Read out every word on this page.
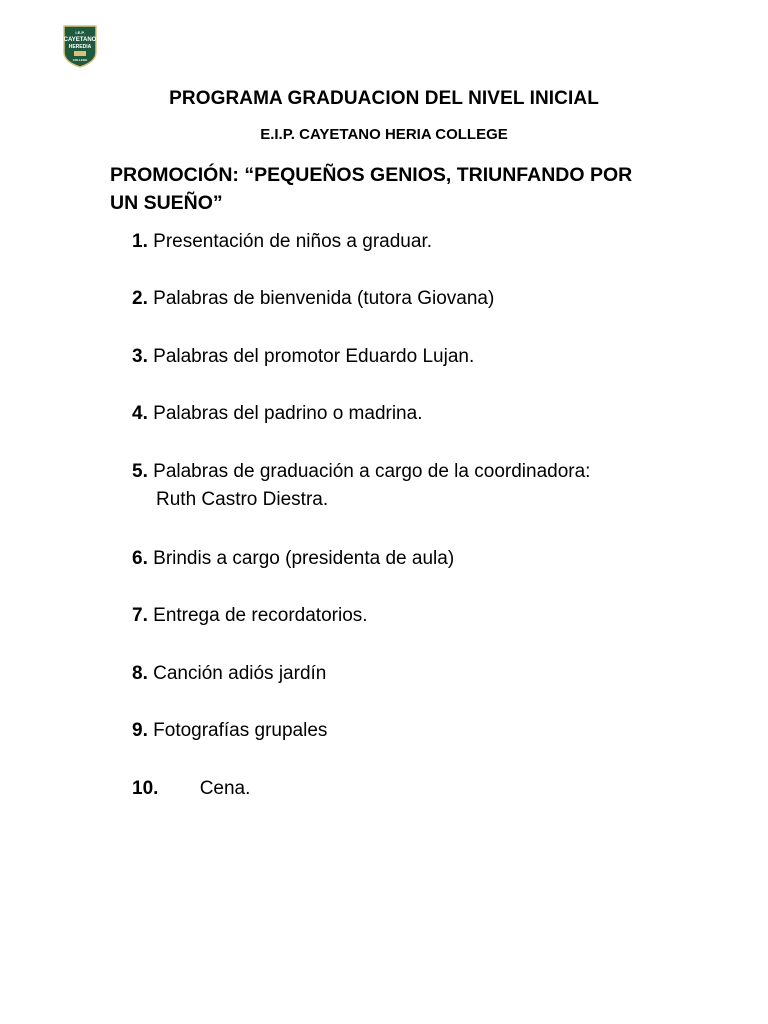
I.E.P.
CAYETANO
HEREDIA
COLLEGE
PROGRAMA GRADUACION DEL NIVEL INICIAL
E.I.P. CAYETANO HERIA COLLEGE
PROMOCIÓN: “PEQUEÑOS GENIOS, TRIUNFANDO POR
UN SUEÑO”
1. Presentación de niños a graduar.
2. Palabras de bienvenida (tutora Giovana)
3. Palabras del promotor Eduardo Lujan.
4. Palabras del padrino o madrina.
5. Palabras de graduación a cargo de la coordinadora:
Ruth Castro Diestra.
6. Brindis a cargo (presidenta de aula)
7. Entrega de recordatorios.
8. Canción adiós jardín
9. Fotografías grupales
10. Cena.
